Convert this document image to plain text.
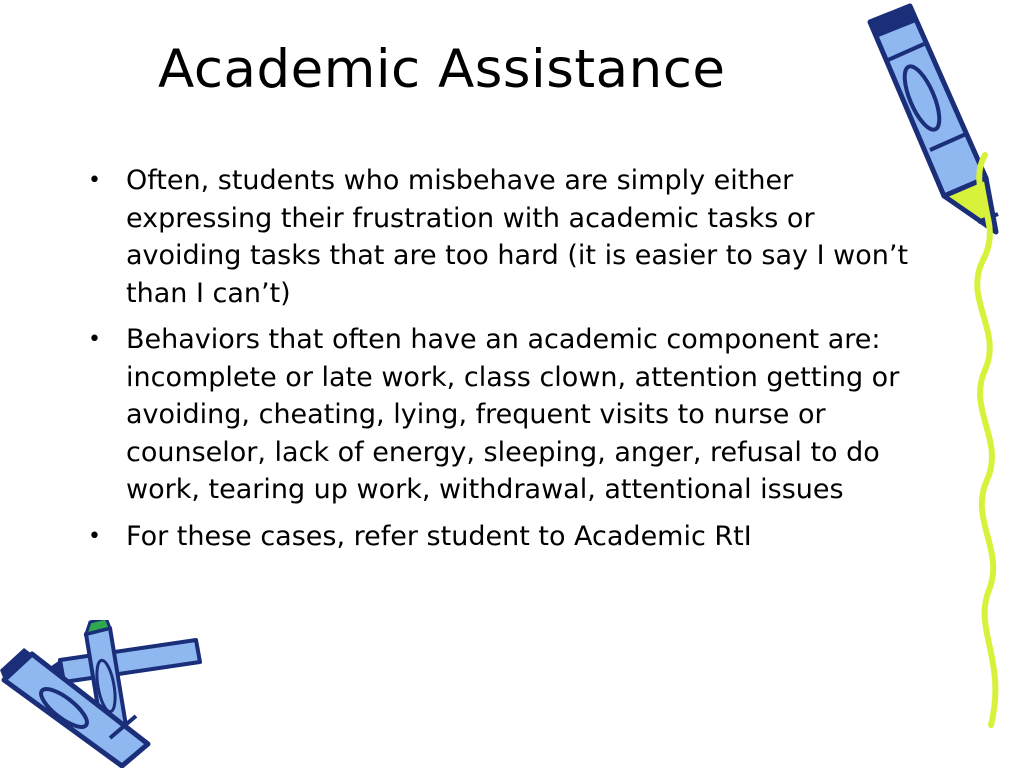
Academic Assistance
• Often, students who misbehave are simply either expressing their frustration with academic tasks or avoiding tasks that are too hard (it is easier to say I won’t than I can’t)
• Behaviors that often have an academic component are: incomplete or late work, class clown, attention getting or avoiding, cheating, lying, frequent visits to nurse or counselor, lack of energy, sleeping, anger, refusal to do work, tearing up work, withdrawal, attentional issues
• For these cases, refer student to Academic RtI
